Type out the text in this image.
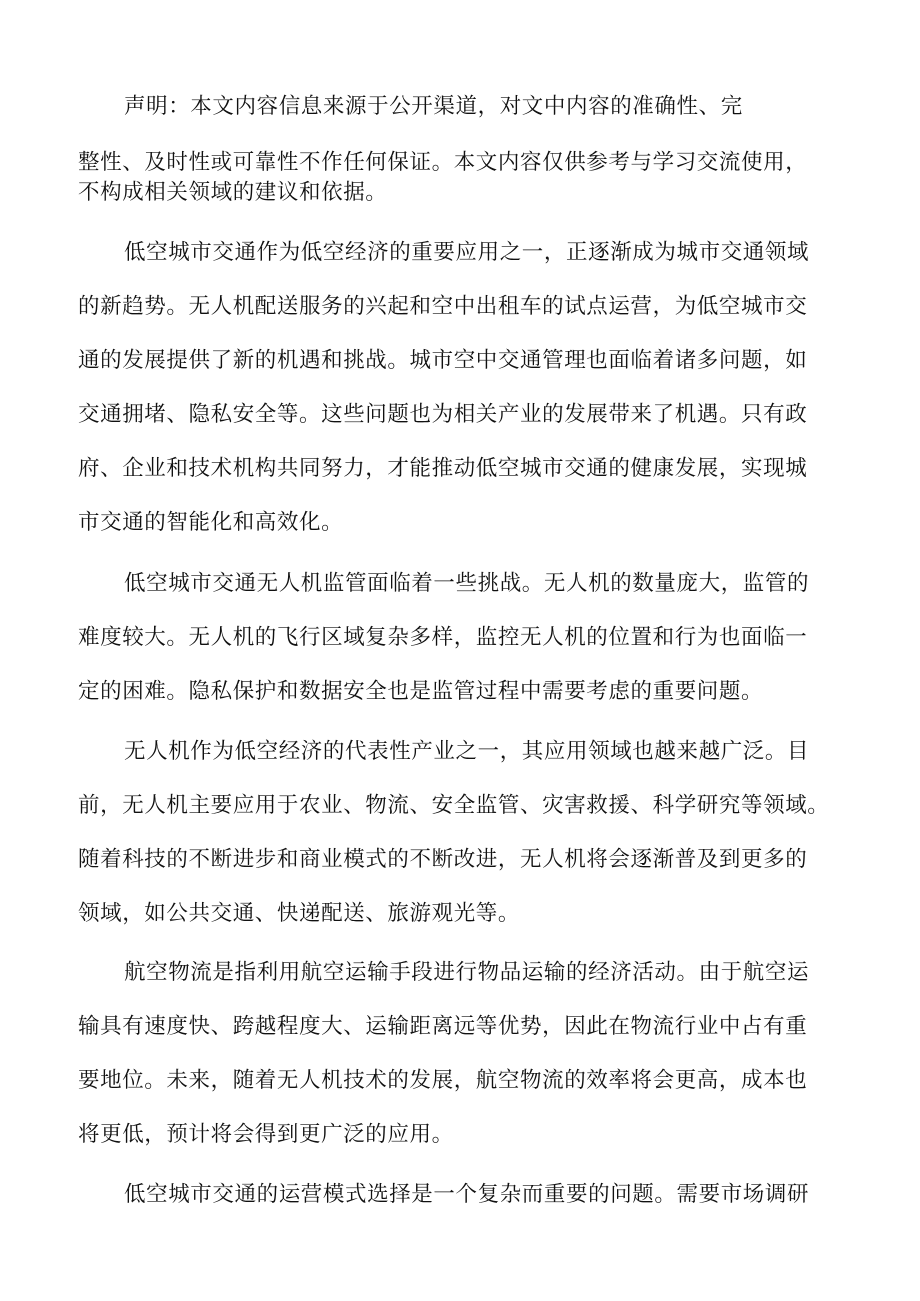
声明：本文内容信息来源于公开渠道，对文中内容的准确性、完
整性、及时性或可靠性不作任何保证。本文内容仅供参考与学习交流使用，
不构成相关领域的建议和依据。
低空城市交通作为低空经济的重要应用之一，正逐渐成为城市交通领域
的新趋势。无人机配送服务的兴起和空中出租车的试点运营，为低空城市交
通的发展提供了新的机遇和挑战。城市空中交通管理也面临着诸多问题，如
交通拥堵、隐私安全等。这些问题也为相关产业的发展带来了机遇。只有政
府、企业和技术机构共同努力，才能推动低空城市交通的健康发展，实现城
市交通的智能化和高效化。
低空城市交通无人机监管面临着一些挑战。无人机的数量庞大，监管的
难度较大。无人机的飞行区域复杂多样，监控无人机的位置和行为也面临一
定的困难。隐私保护和数据安全也是监管过程中需要考虑的重要问题。
无人机作为低空经济的代表性产业之一，其应用领域也越来越广泛。目
前，无人机主要应用于农业、物流、安全监管、灾害救援、科学研究等领域。
随着科技的不断进步和商业模式的不断改进，无人机将会逐渐普及到更多的
领域，如公共交通、快递配送、旅游观光等。
航空物流是指利用航空运输手段进行物品运输的经济活动。由于航空运
输具有速度快、跨越程度大、运输距离远等优势，因此在物流行业中占有重
要地位。未来，随着无人机技术的发展，航空物流的效率将会更高，成本也
将更低，预计将会得到更广泛的应用。
低空城市交通的运营模式选择是一个复杂而重要的问题。需要市场调研
